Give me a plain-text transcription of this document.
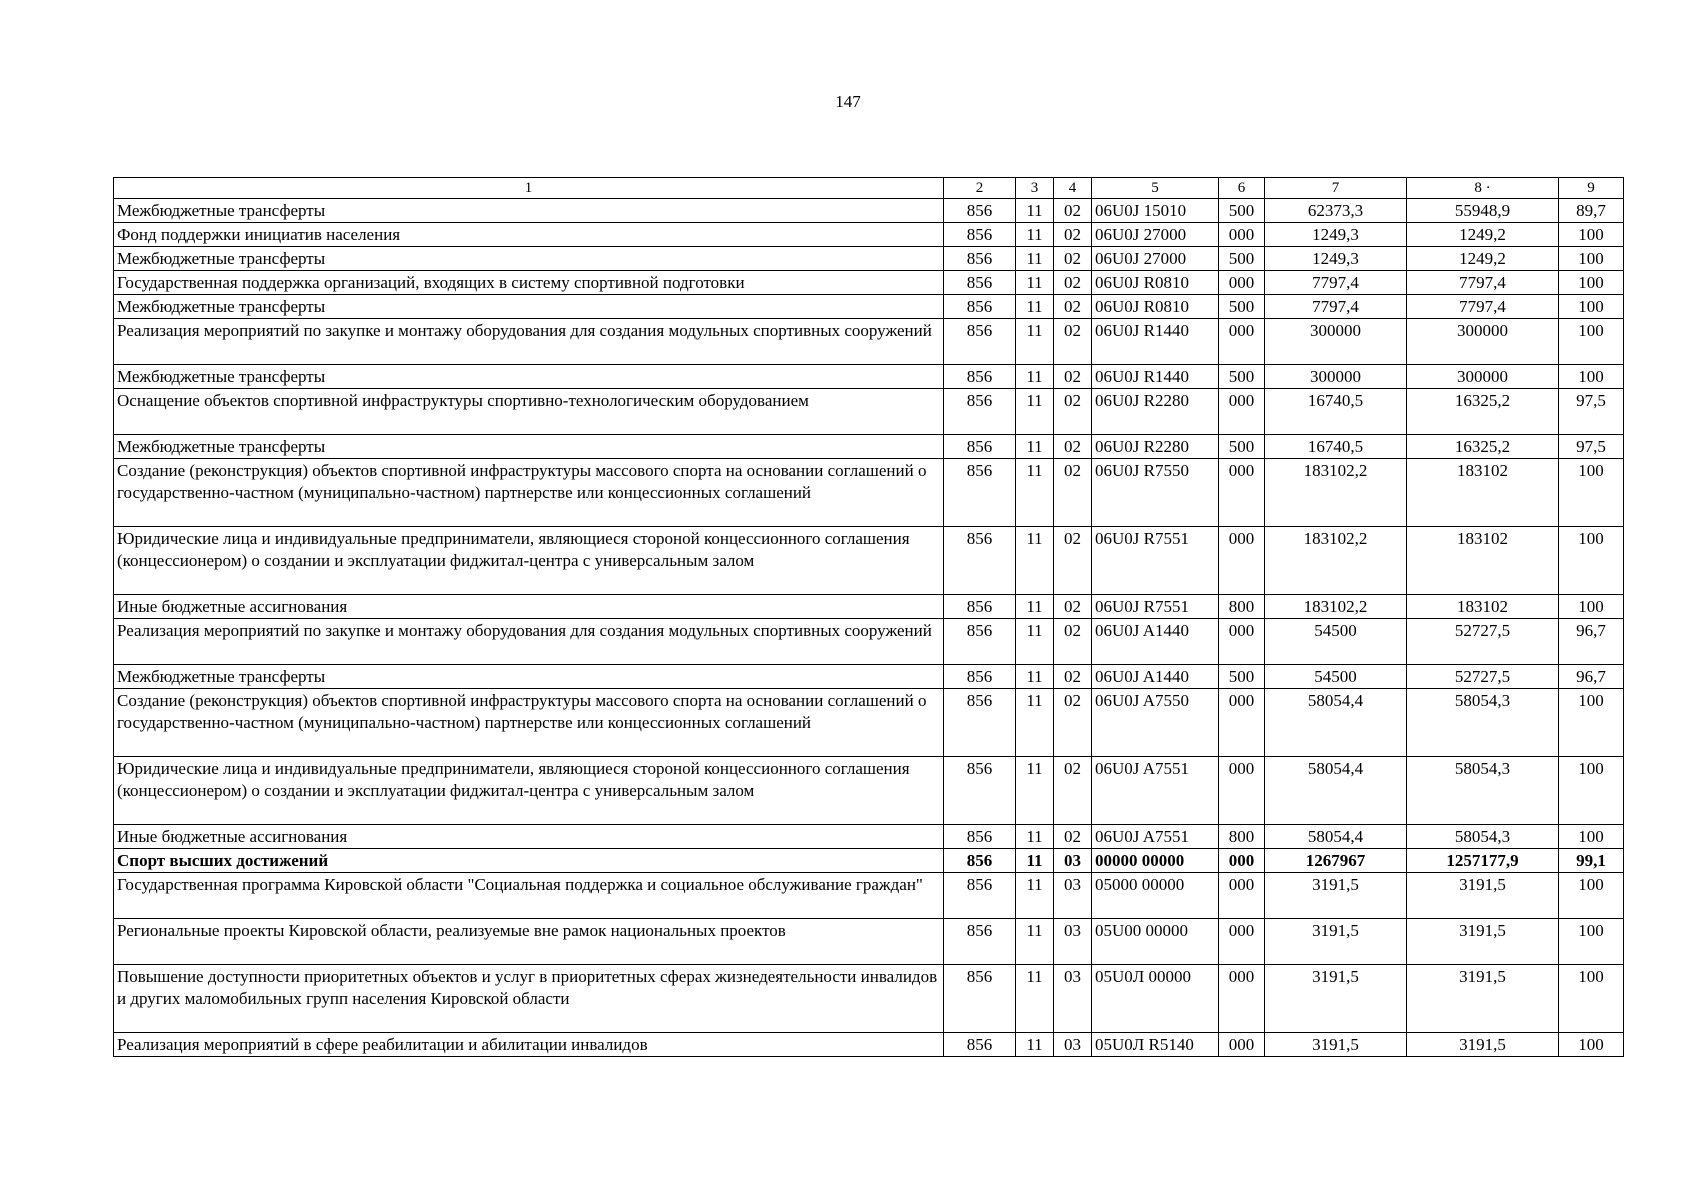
147
1	2	3	4	5	6	7	8 ·	9
Межбюджетные трансферты	856	11	02	06U0J 15010	500	62373,3	55948,9	89,7
Фонд поддержки инициатив населения	856	11	02	06U0J 27000	000	1249,3	1249,2	100
Межбюджетные трансферты	856	11	02	06U0J 27000	500	1249,3	1249,2	100
Государственная поддержка организаций, входящих в систему спортивной подготовки	856	11	02	06U0J R0810	000	7797,4	7797,4	100
Межбюджетные трансферты	856	11	02	06U0J R0810	500	7797,4	7797,4	100
Реализация мероприятий по закупке и монтажу оборудования для создания модульных спортивных сооружений	856	11	02	06U0J R1440	000	300000	300000	100
Межбюджетные трансферты	856	11	02	06U0J R1440	500	300000	300000	100
Оснащение объектов спортивной инфраструктуры спортивно-технологическим оборудованием	856	11	02	06U0J R2280	000	16740,5	16325,2	97,5
Межбюджетные трансферты	856	11	02	06U0J R2280	500	16740,5	16325,2	97,5
Создание (реконструкция) объектов спортивной инфраструктуры массового спорта на основании соглашений о государственно-частном (муниципально-частном) партнерстве или концессионных соглашений	856	11	02	06U0J R7550	000	183102,2	183102	100
Юридические лица и индивидуальные предприниматели, являющиеся стороной концессионного соглашения (концессионером) о создании и эксплуатации фиджитал-центра с универсальным залом	856	11	02	06U0J R7551	000	183102,2	183102	100
Иные бюджетные ассигнования	856	11	02	06U0J R7551	800	183102,2	183102	100
Реализация мероприятий по закупке и монтажу оборудования для создания модульных спортивных сооружений	856	11	02	06U0J A1440	000	54500	52727,5	96,7
Межбюджетные трансферты	856	11	02	06U0J A1440	500	54500	52727,5	96,7
Создание (реконструкция) объектов спортивной инфраструктуры массового спорта на основании соглашений о государственно-частном (муниципально-частном) партнерстве или концессионных соглашений	856	11	02	06U0J A7550	000	58054,4	58054,3	100
Юридические лица и индивидуальные предприниматели, являющиеся стороной концессионного соглашения (концессионером) о создании и эксплуатации фиджитал-центра с универсальным залом	856	11	02	06U0J A7551	000	58054,4	58054,3	100
Иные бюджетные ассигнования	856	11	02	06U0J A7551	800	58054,4	58054,3	100
Спорт высших достижений	856	11	03	00000 00000	000	1267967	1257177,9	99,1
Государственная программа Кировской области "Социальная поддержка и социальное обслуживание граждан"	856	11	03	05000 00000	000	3191,5	3191,5	100
Региональные проекты Кировской области, реализуемые вне рамок национальных проектов	856	11	03	05U00 00000	000	3191,5	3191,5	100
Повышение доступности приоритетных объектов и услуг в приоритетных сферах жизнедеятельности инвалидов и других маломобильных групп населения Кировской области	856	11	03	05U0Л 00000	000	3191,5	3191,5	100
Реализация мероприятий в сфере реабилитации и абилитации инвалидов	856	11	03	05U0Л R5140	000	3191,5	3191,5	100
